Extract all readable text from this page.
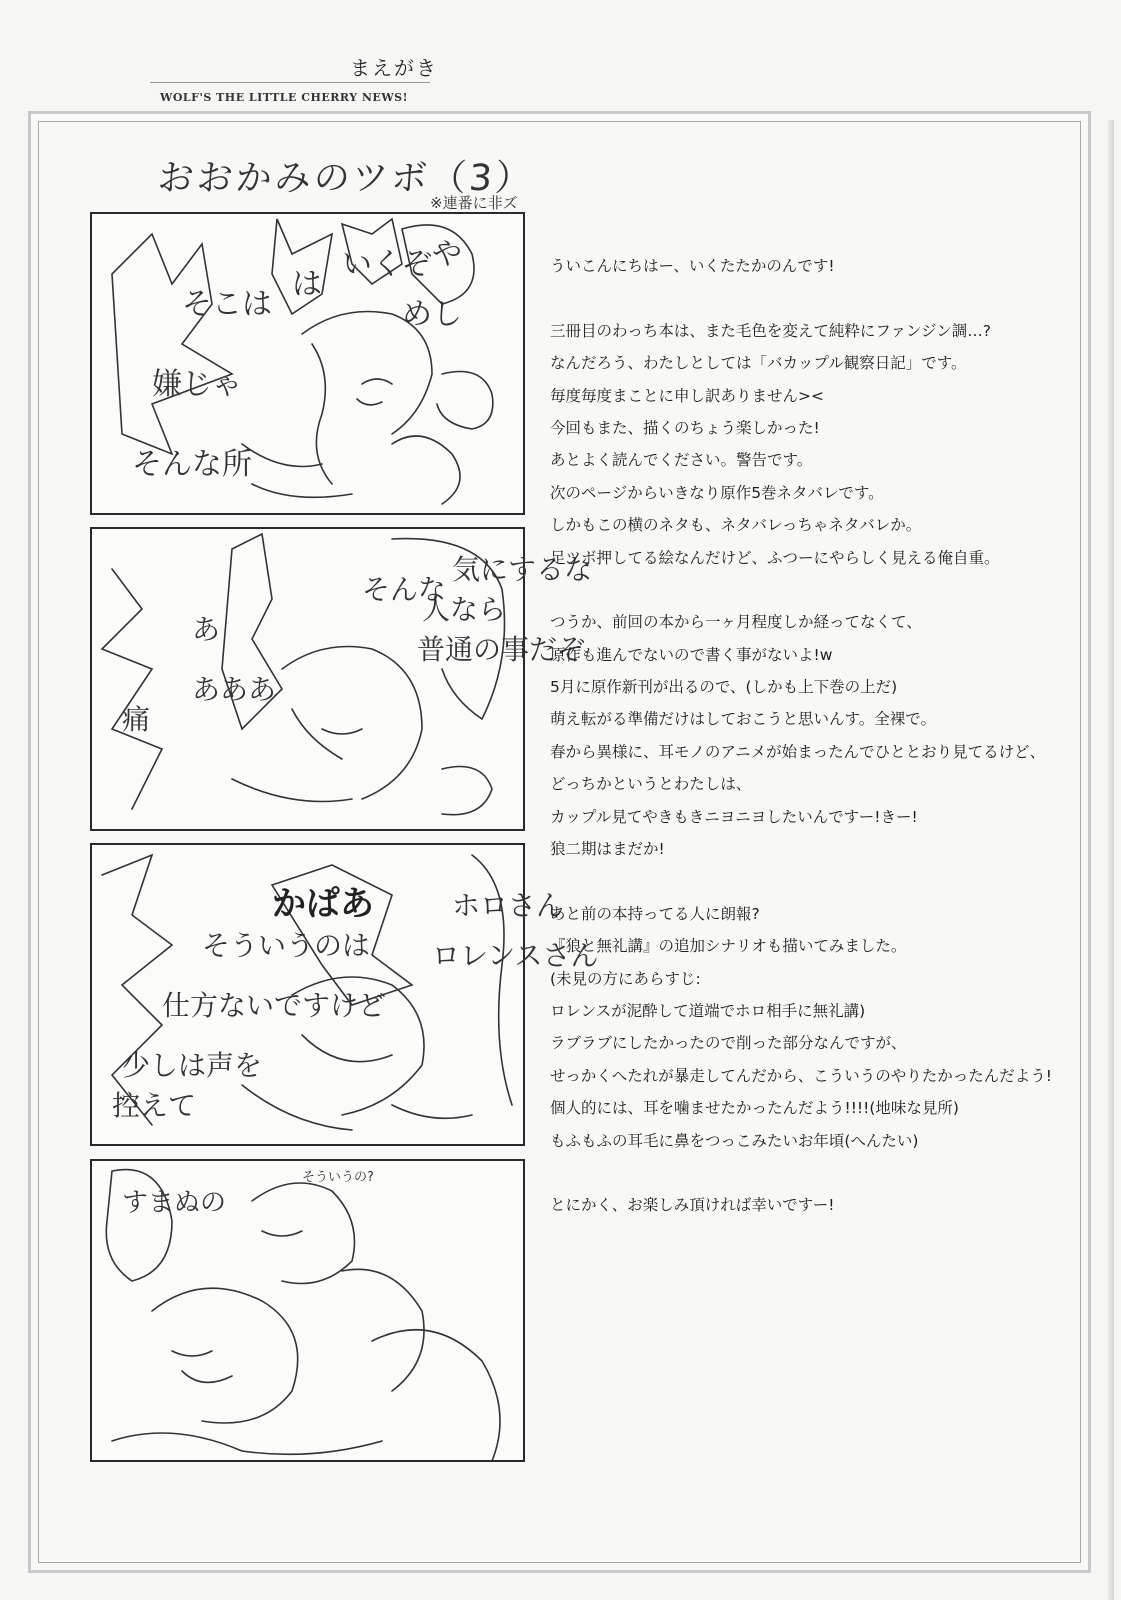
まえがき
WOLF'S THE LITTLE CHERRY NEWS!
おおかみのツボ（3）
※連番に非ズ
や
めし
いくぞ
は
そこは
嫌じゃ
そんな所
気にするな
人なら
普通の事だぞ
そんな
あ
あああ
痛
かぱあ	ホロさん
ロレンスさん
そういうのは
仕方ないですけど
少しは声を
控えて
すまぬの
そういうの?
ういこんにちはー、いくたたかのんです!
三冊目のわっち本は、また毛色を変えて純粋にファンジン調…?
なんだろう、わたしとしては「バカップル観察日記」です。
毎度毎度まことに申し訳ありません><
今回もまた、描くのちょう楽しかった!
あとよく読んでください。警告です。
次のページからいきなり原作5巻ネタバレです。
しかもこの横のネタも、ネタバレっちゃネタバレか。
足ツボ押してる絵なんだけど、ふつーにやらしく見える俺自重。
つうか、前回の本から一ヶ月程度しか経ってなくて、
原作も進んでないので書く事がないよ!w
5月に原作新刊が出るので、(しかも上下巻の上だ)
萌え転がる準備だけはしておこうと思いんす。全裸で。
春から異様に、耳モノのアニメが始まったんでひととおり見てるけど、
どっちかというとわたしは、
カップル見てやきもきニヨニヨしたいんですー!きー!
狼二期はまだか!
あと前の本持ってる人に朗報?
『狼と無礼講』の追加シナリオも描いてみました。
(未見の方にあらすじ:
ロレンスが泥酔して道端でホロ相手に無礼講)
ラブラブにしたかったので削った部分なんですが、
せっかくへたれが暴走してんだから、こういうのやりたかったんだよう!
個人的には、耳を噛ませたかったんだよう!!!!(地味な見所)
もふもふの耳毛に鼻をつっこみたいお年頃(へんたい)
とにかく、お楽しみ頂ければ幸いですー!
